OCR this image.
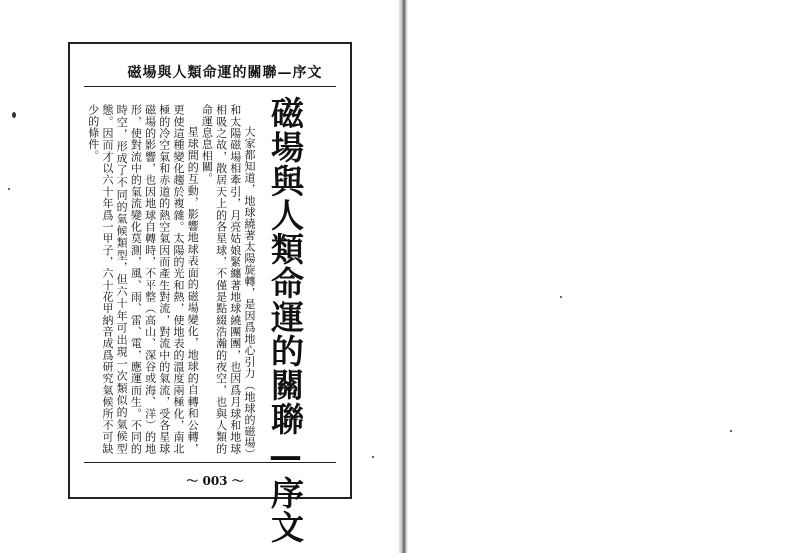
磁場與人類命運的關聯—序文
磁場與人類命運的關聯—序文

大家都知道，地球繞著太陽旋轉，是因爲地心引力（地球的磁場）和太陽磁場相牽引，月亮姑娘緊纏著地球繞團團，也因爲月球和地球相吸之故，散居天上的各星球，不僅是點綴浩瀚的夜空，也與人類的命運息息相關。

星球間的互動，影響地球表面的磁場變化，地球的自轉和公轉，更使這種變化趨於複雜。太陽的光和熱，使地表的溫度兩極化，南北極的冷空氣和赤道的熱空氣因而產生對流，對流中的氣流，受各星球磁場的影響，也因地球自轉時，不平整（高山、深谷或海、洋）的地形，使對流中的氣流變化莫測，風、雨、雷、電，應運而生。不同的時空，形成了不同的氣候類型，但六十年可出現一次類似的氣候型態。因而才以六十年爲一甲子，六十花甲納音成爲研究氣候所不可缺少的條件。

～ 003 ～
